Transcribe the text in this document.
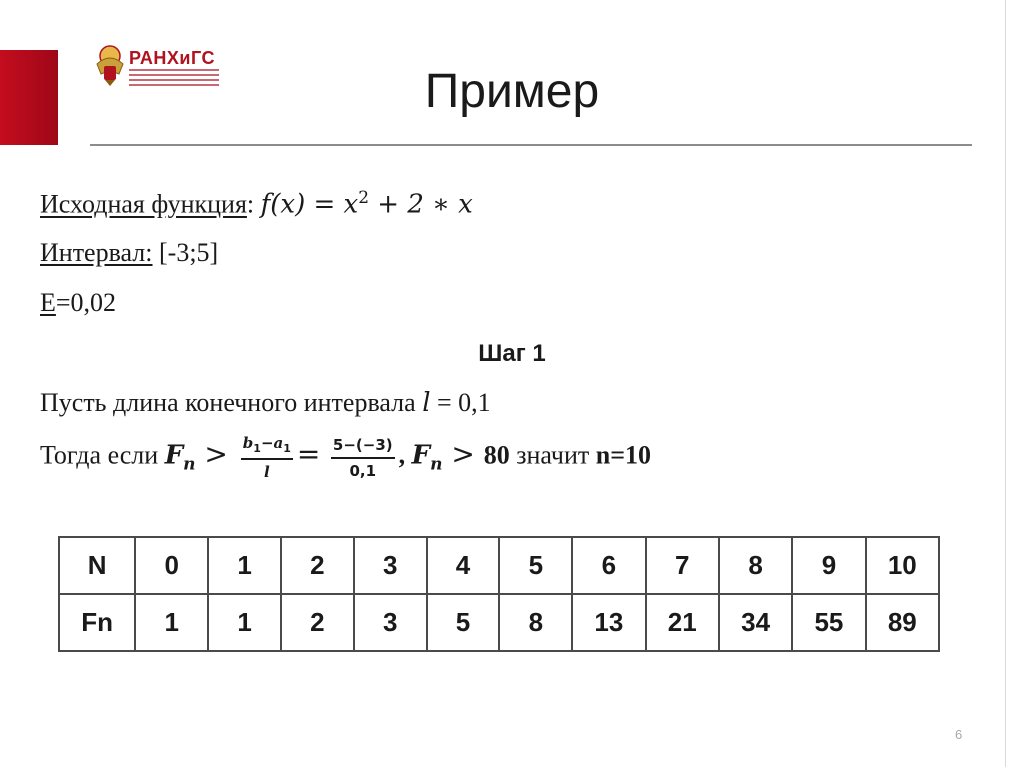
РАНХиГС
Пример
Исходная функция: $f(x) = x^2 + 2$ ∗ x
Интервал: [-3;5]
Е=0,02
Шаг 1
Пусть длина конечного интервала l = 0,1
Тогда если $F_n > \frac{b_1-a_1}{l} = \frac{5-(-3)}{0,1}$ , $F_n > 80$ значит n=10
N	0	1	2	3	4	5	6	7	8	9	10
Fn	1	1	2	3	5	8	13	21	34	55	89
6
